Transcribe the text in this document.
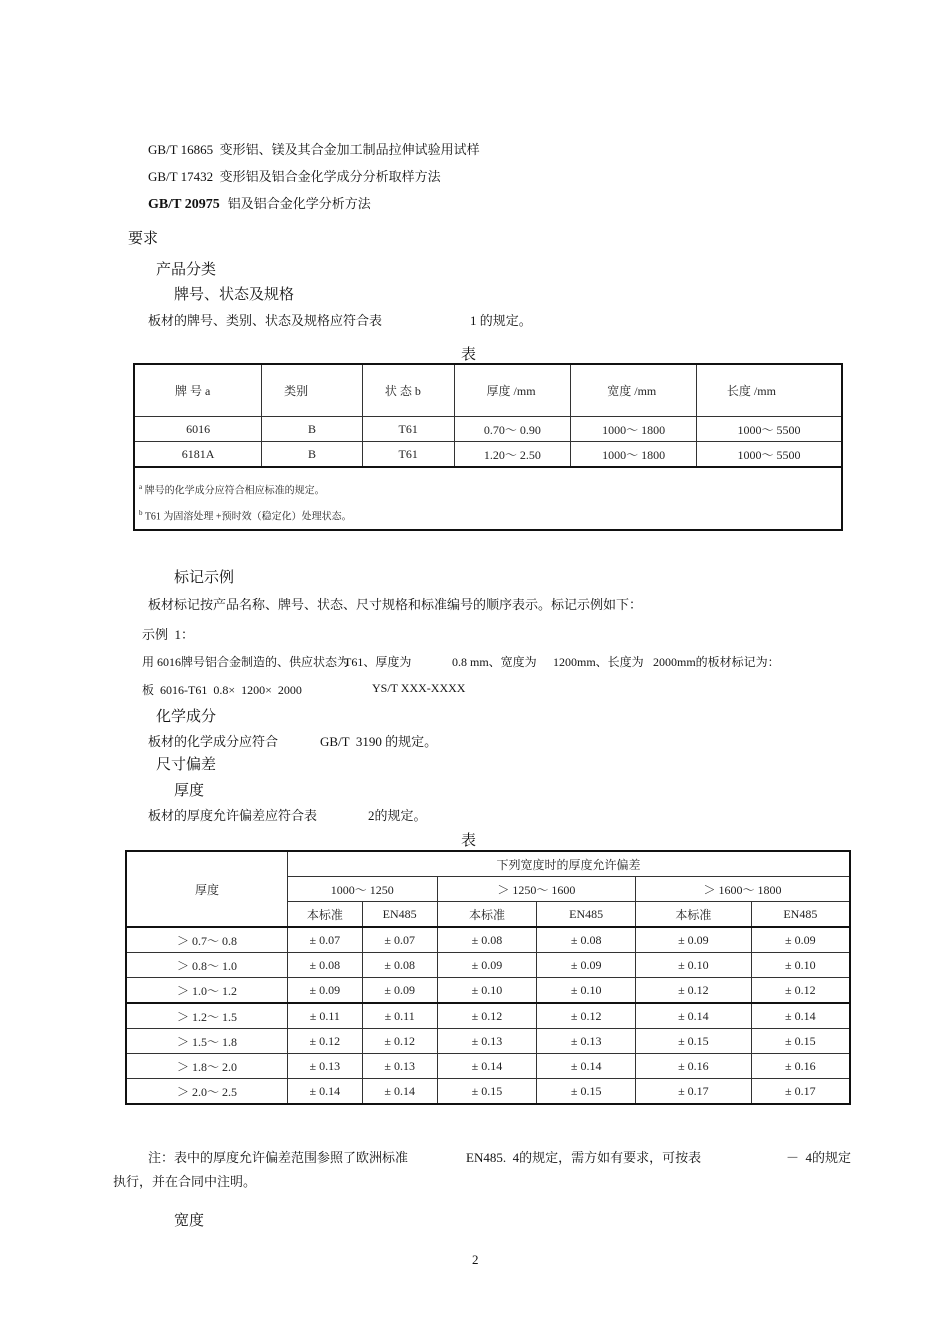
GB/T 16865 变形铝、镁及其合金加工制品拉伸试验用试样
GB/T 17432 变形铝及铝合金化学成分分析取样方法
GB/T 20975 铝及铝合金化学分析方法
要求
产品分类
牌号、状态及规格
板材的牌号、类别、状态及规格应符合表	1 的规定。
表
牌 号 a	类别	状 态 b	厚度 /mm	宽度 /mm	长度 /mm
6016	B	T61	0.70～ 0.90	1000～ 1800	1000～ 5500
6181A	B	T61	1.20～ 2.50	1000～ 1800	1000～ 5500

$^a$ 牌号的化学成分应符合相应标准的规定。
$^b$ T61 为固溶处理 +预时效（稳定化）处理状态。					
标记示例
板材标记按产品名称、牌号、状态、尺寸规格和标准编号的顺序表示。标记示例如下：
示例  1：
用 6016牌号铝合金制造的、供应状态为
T61、厚度为	0.8 mm、宽度为 1200mm、长度为 2000mm的板材标记为：
板  6016-T61  0.8×  1200×  2000	YS/T XXX-XXXX
化学成分
板材的化学成分应符合	GB/T  3190 的规定。
尺寸偏差
厚度
板材的厚度允许偏差应符合表	2的规定。
表
厚度	下列宽度时的厚度允许偏差					
	1000～ 1250		＞ 1250～ 1600		＞ 1600～ 1800	
	本标准	EN485	本标准	EN485	本标准	EN485
＞ 0.7～ 0.8	± 0.07	± 0.07	± 0.08	± 0.08	± 0.09	± 0.09
＞ 0.8～ 1.0	± 0.08	± 0.08	± 0.09	± 0.09	± 0.10	± 0.10
＞ 1.0～ 1.2	± 0.09	± 0.09	± 0.10	± 0.10	± 0.12	± 0.12
＞ 1.2～ 1.5	± 0.11	± 0.11	± 0.12	± 0.12	± 0.14	± 0.14
＞ 1.5～ 1.8	± 0.12	± 0.12	± 0.13	± 0.13	± 0.15	± 0.15
＞ 1.8～ 2.0	± 0.13	± 0.13	± 0.14	± 0.14	± 0.16	± 0.16
＞ 2.0～ 2.5	± 0.14	± 0.14	± 0.15	± 0.15	± 0.17	± 0.17
注：表中的厚度允许偏差范围参照了欧洲标准	EN485.  4的规定，需方如有要求，可按表	－  4的规定
执行，并在合同中注明。
宽度
2
